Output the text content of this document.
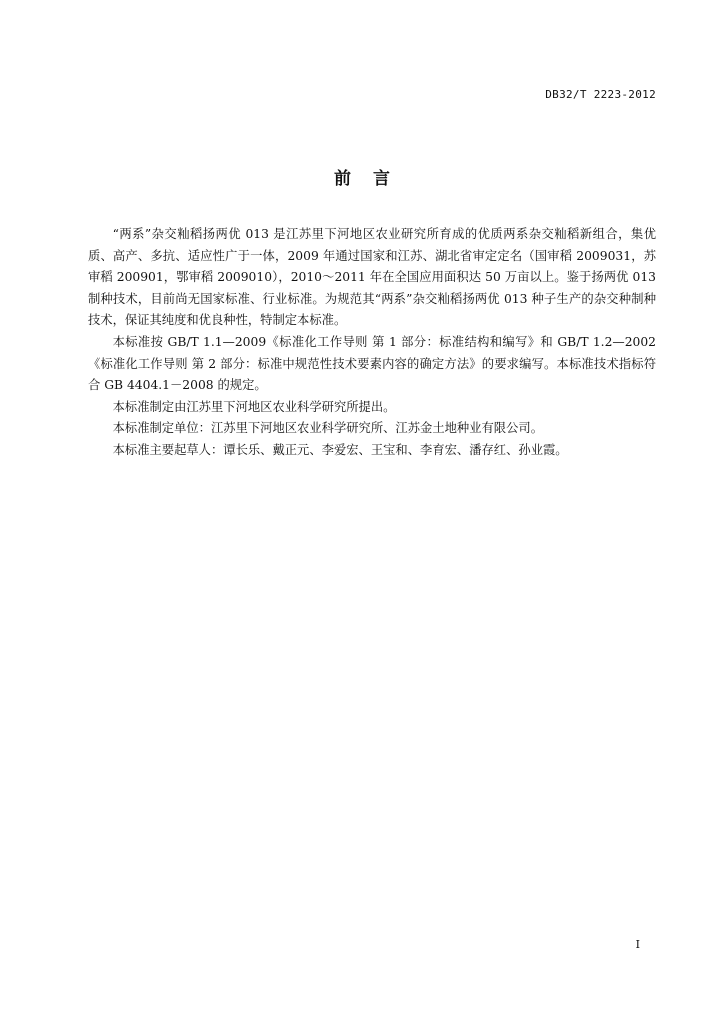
DB32/T 2223-2012
前言

“两系”杂交籼稻扬两优 013 是江苏里下河地区农业研究所育成的优质两系杂交籼稻新组合，集优质、高产、多抗、适应性广于一体，2009 年通过国家和江苏、湖北省审定定名（国审稻 2009031，苏审稻 200901，鄂审稻 2009010），2010～2011 年在全国应用面积达 50 万亩以上。鉴于扬两优 013 制种技术，目前尚无国家标准、行业标准。为规范其“两系”杂交籼稻扬两优 013 种子生产的杂交种制种技术，保证其纯度和优良种性，特制定本标准。

本标准按 GB/T 1.1—2009《标准化工作导则 第 1 部分：标准结构和编写》和 GB/T 1.2—2002《标准化工作导则 第 2 部分：标准中规范性技术要素内容的确定方法》的要求编写。本标准技术指标符合 GB 4404.1－2008 的规定。

本标准制定由江苏里下河地区农业科学研究所提出。

本标准制定单位：江苏里下河地区农业科学研究所、江苏金土地种业有限公司。

本标准主要起草人：谭长乐、戴正元、李爱宏、王宝和、李育宏、潘存红、孙业霞。

I
